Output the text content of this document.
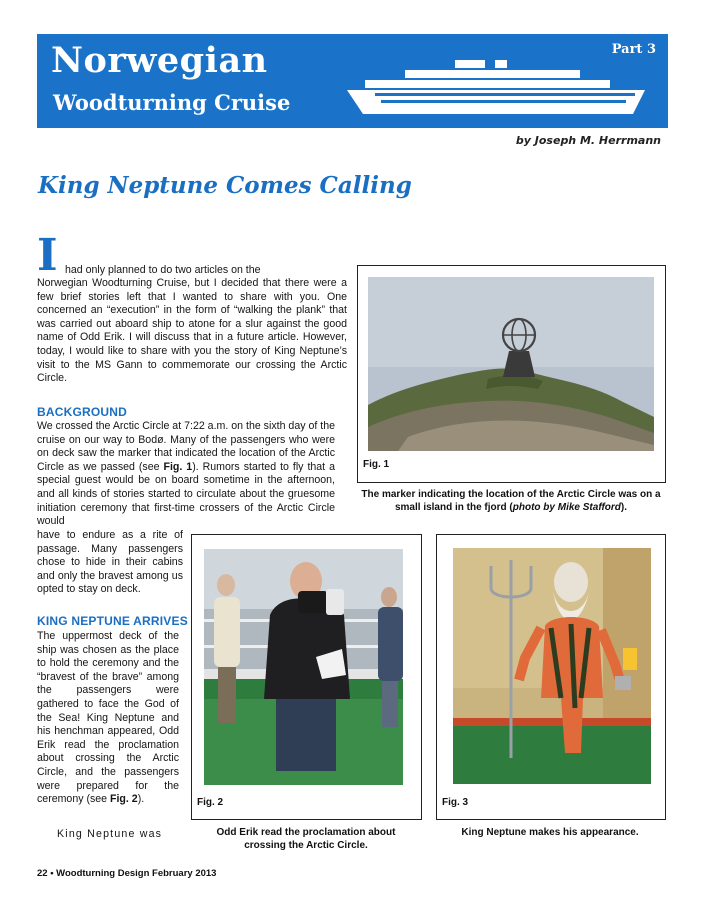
Norwegian
Woodturning Cruise
Part 3
by Joseph M. Herrmann
King Neptune Comes Calling
I had only planned to do two articles on the

Norwegian Woodturning Cruise, but I decided that there were a few brief stories left that I wanted to share with you. One concerned an “execution” in the form of “walking the plank” that was carried out aboard ship to atone for a slur against the good name of Odd Erik. I will discuss that in a future article. However, today, I would like to share with you the story of King Neptune’s visit to the MS Gann to commemorate our crossing the Arctic Circle.

BACKGROUND

We crossed the Arctic Circle at 7:22 a.m. on the sixth day of the cruise on our way to Bodø. Many of the passengers who were on deck saw the marker that indicated the location of the Arctic Circle as we passed (see Fig. 1). Rumors started to fly that a special guest would be on board sometime in the afternoon, and all kinds of stories started to circulate about the gruesome initiation ceremony that first-time crossers of the Arctic Circle would

have to endure as a rite of passage. Many passengers chose to hide in their cabins and only the bravest among us opted to stay on deck.

KING NEPTUNE ARRIVES

The uppermost deck of the ship was chosen as the place to hold the ceremony and the “bravest of the brave” among the passengers were gathered to face the God of the Sea! King Neptune and his henchman appeared, Odd Erik read the proclamation about crossing the Arctic Circle, and the passengers were prepared for the ceremony (see Fig. 2).

King Neptune was

Fig. 1
The marker indicating the location of the Arctic Circle was on a small island in the fjord (photo by Mike Stafford).
Fig. 2
Odd Erik read the proclamation about crossing the Arctic Circle.
Fig. 3
King Neptune makes his appearance.
22 • Woodturning Design February 2013
